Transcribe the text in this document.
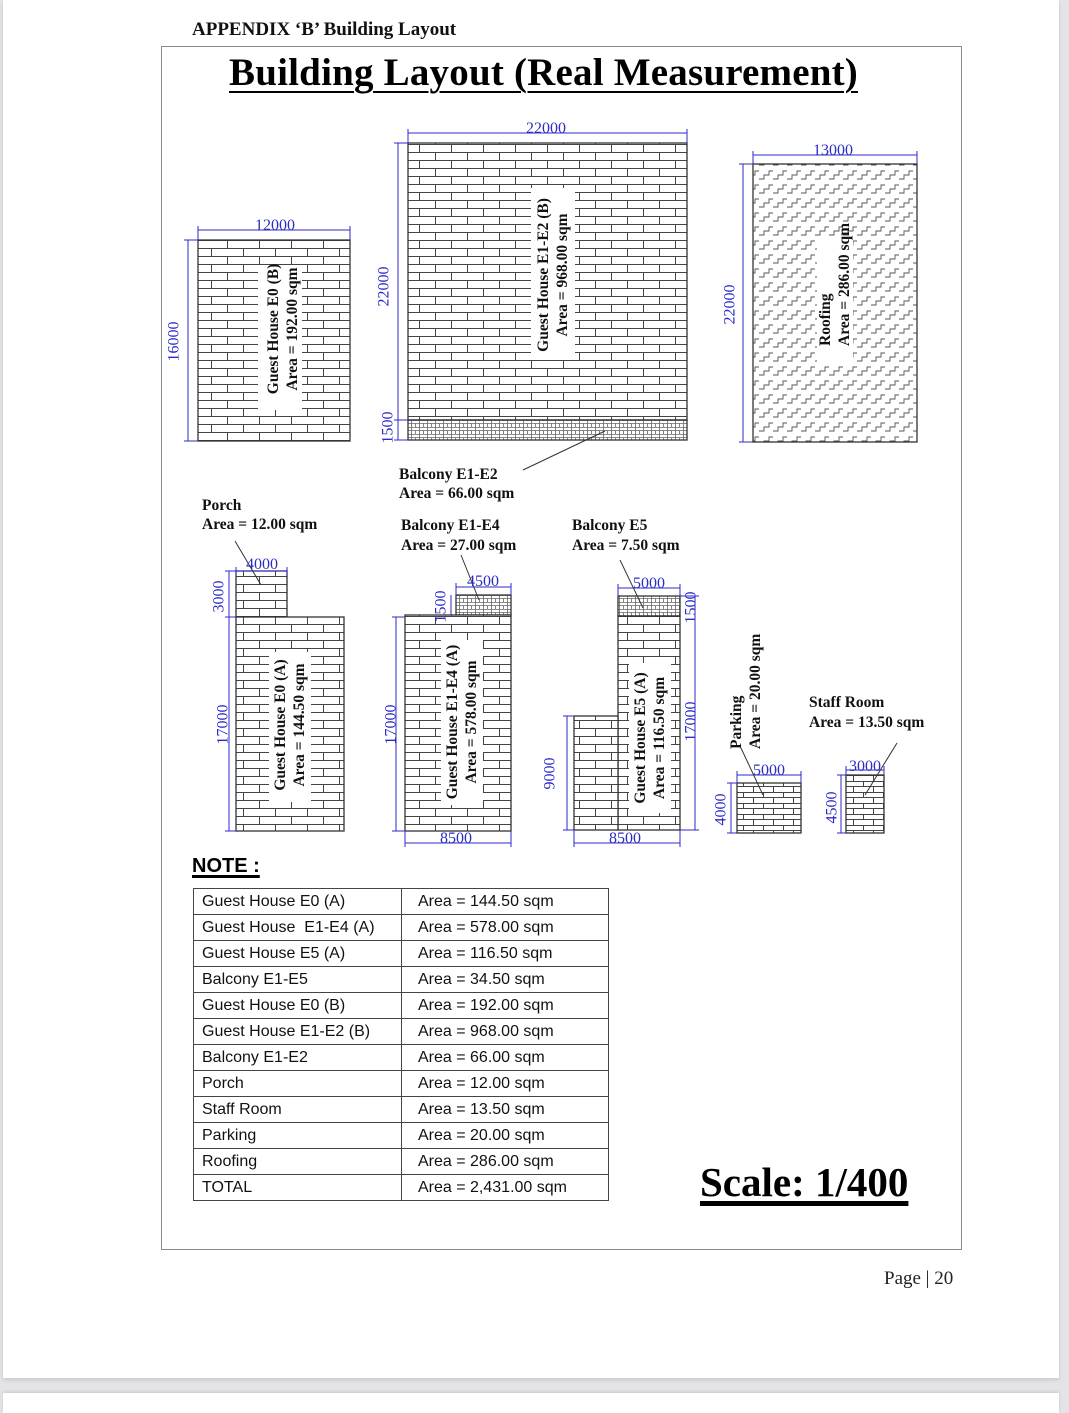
APPENDIX ‘B’ Building Layout
Building Layout (Real Measurement)
12000
16000
22000
22000
1500
13000
22000
4000
3000
17000
4500
1500
17000
8500
5000
1500
17000
9000
8500
5000
4000
3000
4500
Guest House E0 (B) Area = 192.00 sqm	Guest House E1-E2 (B) Area = 968.00 sqm	Roofing Area = 286.00 sqm
Guest House E0 (A) Area = 144.50 sqm	Guest House E1-E4 (A) Area = 578.00 sqm	Guest House E5 (A) Area = 116.50 sqm	Parking Area = 20.00 sqm
Balcony E1-E2
Area = 66.00 sqm
Porch
Area = 12.00 sqm	Balcony E1-E4
Area = 27.00 sqm
Balcony E5
Area = 7.50 sqm
Staff Room
Area = 13.50 sqm
NOTE :
Guest House E0 (A)	Area = 144.50 sqm
Guest House  E1-E4 (A)	Area = 578.00 sqm
Guest House E5 (A)	Area = 116.50 sqm
Balcony E1-E5	Area = 34.50 sqm
Guest House E0 (B)	Area = 192.00 sqm
Guest House E1-E2 (B)	Area = 968.00 sqm
Balcony E1-E2	Area = 66.00 sqm
Porch	Area = 12.00 sqm
Staff Room	Area = 13.50 sqm
Parking	Area = 20.00 sqm
Roofing	Area = 286.00 sqm
TOTAL	Area = 2,431.00 sqm	Scale: 1/400
Page | 20
